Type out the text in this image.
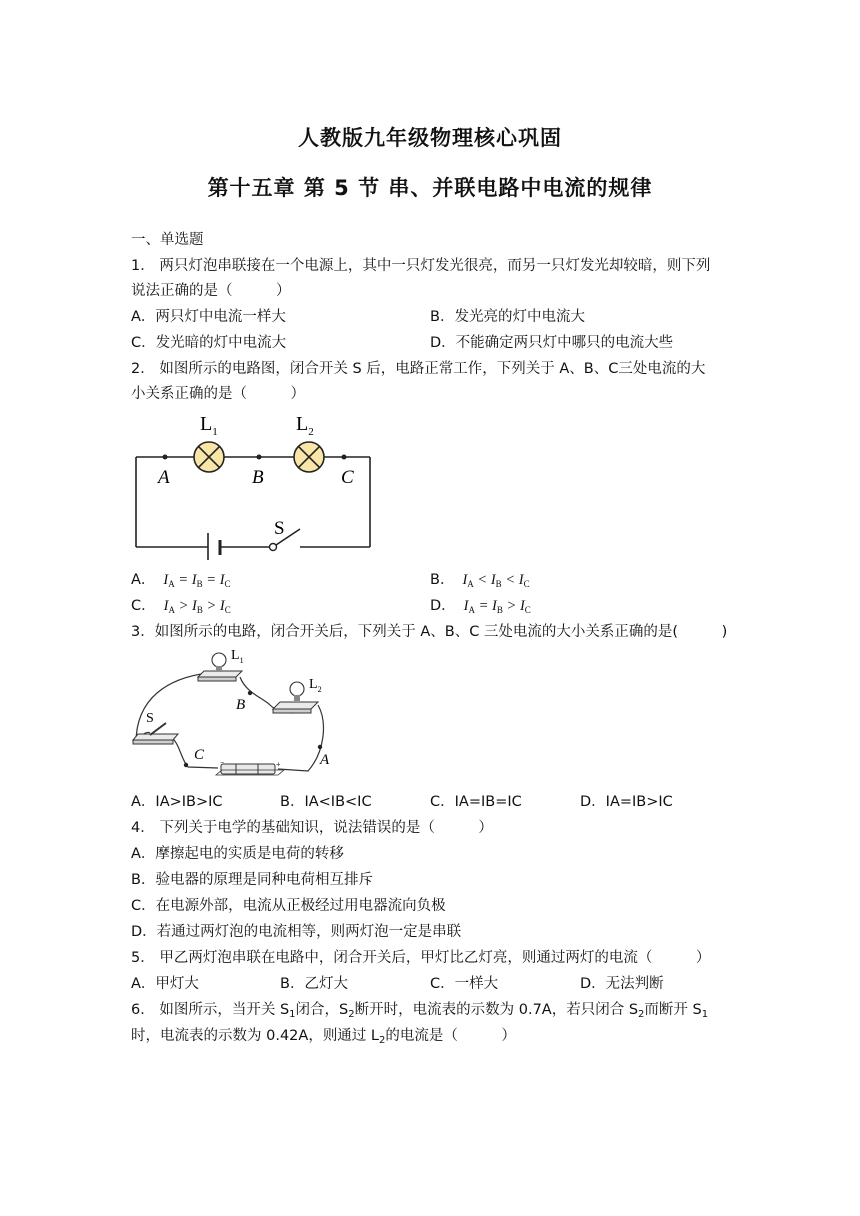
人教版九年级物理核心巩固
第十五章 第 5 节 串、并联电路中电流的规律
一、单选题
1． 两只灯泡串联接在一个电源上，其中一只灯发光很亮，而另一只灯发光却较暗，则下列
说法正确的是（　　　）
A．两只灯中电流一样大	B．发光亮的灯中电流大
C．发光暗的灯中电流大	D．不能确定两只灯中哪只的电流大些
2． 如图所示的电路图，闭合开关 S 后，电路正常工作，下列关于 A、B、C三处电流的大
小关系正确的是（　　　）
$L_1$	$L_2$
A	B	C
S
A． $I_A = I_B = I_C$	B． $I_A < I_B < I_C$
C． $I_A > I_B > I_C$	D． $I_A = I_B > I_C$
3．如图所示的电路，闭合开关后，下列关于 A、B、C 三处电流的大小关系正确的是(　　　)
−	+
$L_1$
$L_2$
S
B
C	A
A．IA>IB>IC	B．IA<IB<IC	C．IA=IB=IC	D．IA=IB>IC
4． 下列关于电学的基础知识，说法错误的是（　　　）
A．摩擦起电的实质是电荷的转移
B．验电器的原理是同种电荷相互排斥
C．在电源外部，电流从正极经过用电器流向负极
D．若通过两灯泡的电流相等，则两灯泡一定是串联
5． 甲乙两灯泡串联在电路中，闭合开关后，甲灯比乙灯亮，则通过两灯的电流（　　　）
A．甲灯大	B．乙灯大	C．一样大	D．无法判断
6． 如图所示，当开关 $S_1$闭合，$S_2$断开时，电流表的示数为 0.7A，若只闭合 $S_2$而断开 $S_1$
时，电流表的示数为 0.42A，则通过 $L_2$的电流是（　　　）
